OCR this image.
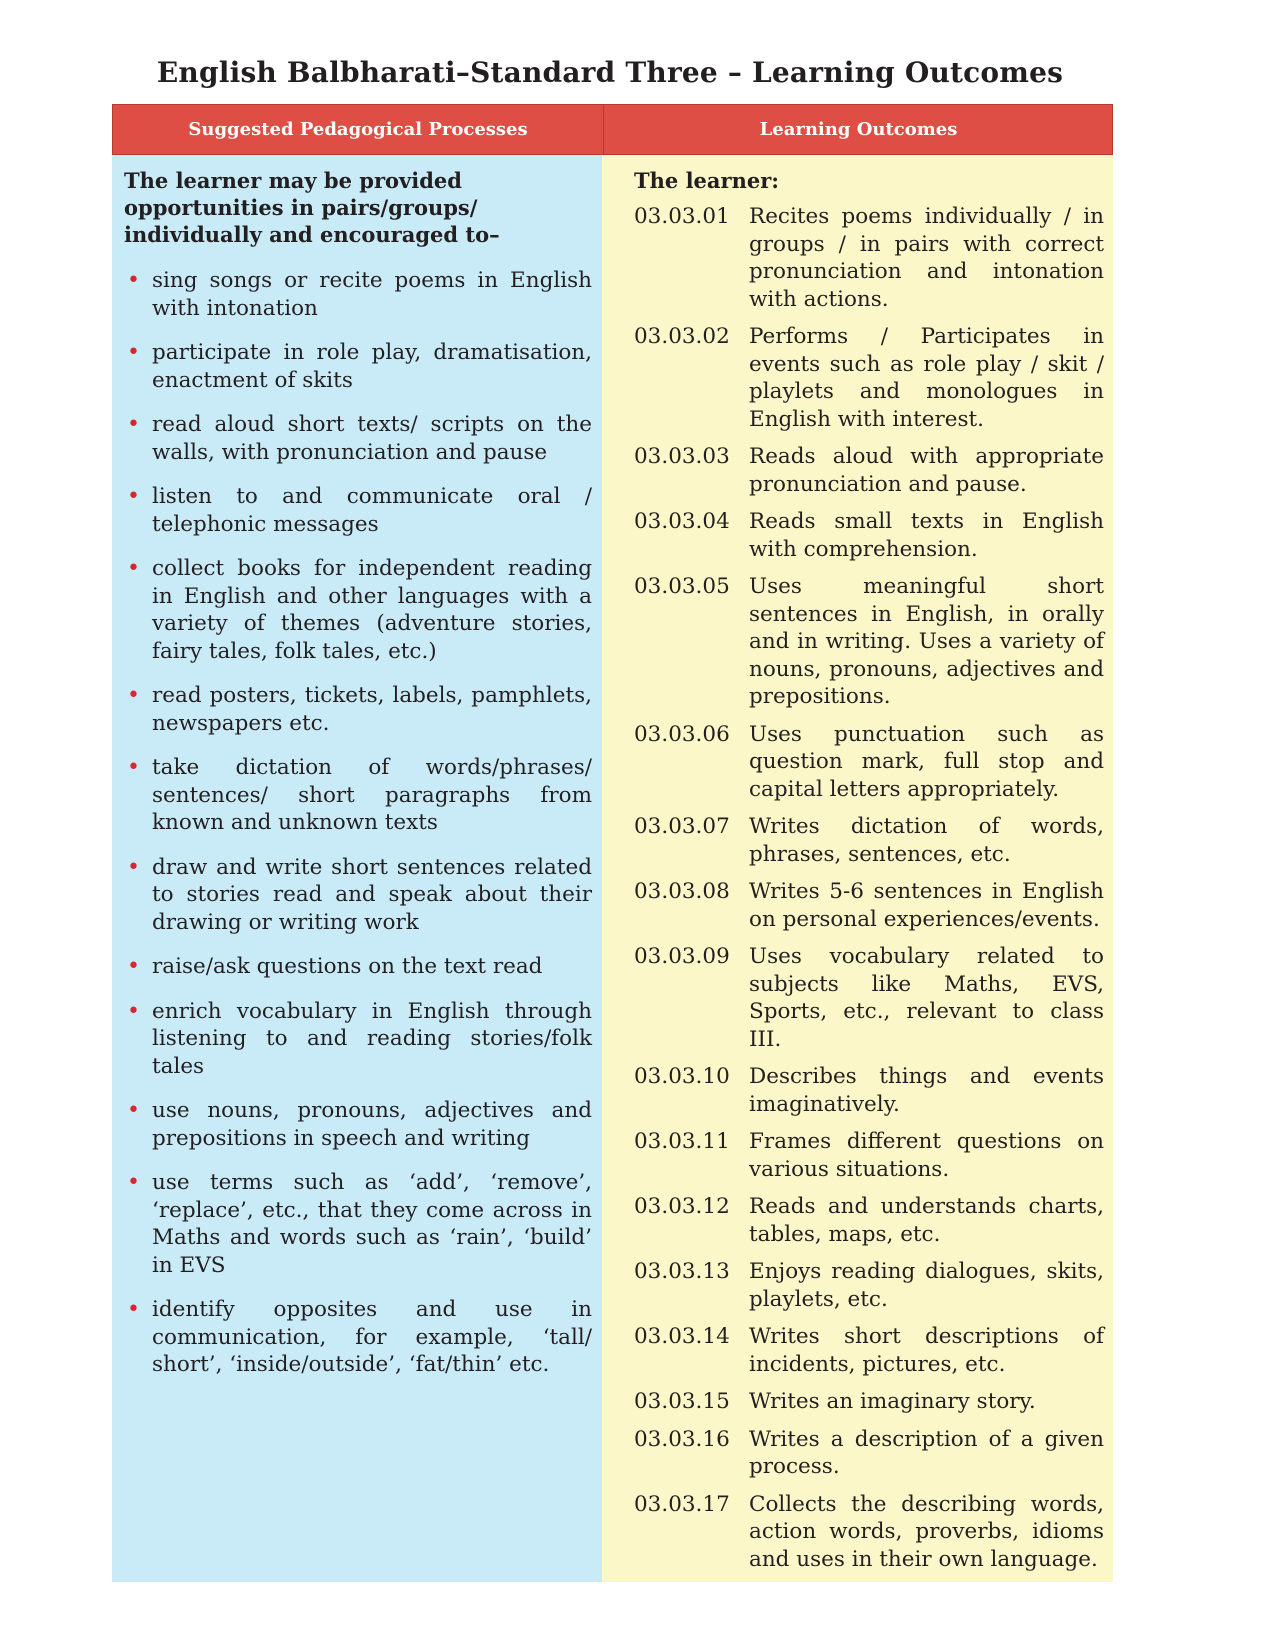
English Balbharati–Standard Three – Learning Outcomes
Suggested Pedagogical Processes	Learning Outcomes
The learner may be provided opportunities in pairs/groups/ individually and encouraged to–
• sing songs or recite poems in English with intonation
• participate in role play, dramatisation, enactment of skits
• read aloud short texts/ scripts on the walls, with pronunciation and pause
• listen to and communicate oral / telephonic messages
• collect books for independent reading in English and other languages with a variety of themes (adventure stories, fairy tales, folk tales, etc.)
• read posters, tickets, labels, pamphlets, newspapers etc.
• take dictation of words/phrases/ sentences/ short paragraphs from known and unknown texts
• draw and write short sentences related to stories read and speak about their drawing or writing work
• raise/ask questions on the text read
• enrich vocabulary in English through listening to and reading stories/folk tales
• use nouns, pronouns, adjectives and prepositions in speech and writing
• use terms such as ‘add’, ‘remove’, ‘replace’, etc., that they come across in Maths and words such as ‘rain’, ‘build’ in EVS
• identify opposites and use in communication, for example, ‘tall/ short’, ‘inside/outside’, ‘fat/thin’ etc.
The learner:
03.03.01 Recites poems individually / in groups / in pairs with correct pronunciation and intonation with actions.
03.03.02 Performs / Participates in events such as role play / skit / playlets and monologues in English with interest.
03.03.03 Reads aloud with appropriate pronunciation and pause.
03.03.04 Reads small texts in English with comprehension.
03.03.05 Uses meaningful short sentences in English, in orally and in writing. Uses a variety of nouns, pronouns, adjectives and prepositions.
03.03.06 Uses punctuation such as question mark, full stop and capital letters appropriately.
03.03.07 Writes dictation of words, phrases, sentences, etc.
03.03.08 Writes 5-6 sentences in English on personal experiences/events.
03.03.09 Uses vocabulary related to subjects like Maths, EVS, Sports, etc., relevant to class III.
03.03.10 Describes things and events imaginatively.
03.03.11 Frames different questions on various situations.
03.03.12 Reads and understands charts, tables, maps, etc.
03.03.13 Enjoys reading dialogues, skits, playlets, etc.
03.03.14 Writes short descriptions of incidents, pictures, etc.
03.03.15 Writes an imaginary story.
03.03.16 Writes a description of a given process.
03.03.17 Collects the describing words, action words, proverbs, idioms and uses in their own language.
